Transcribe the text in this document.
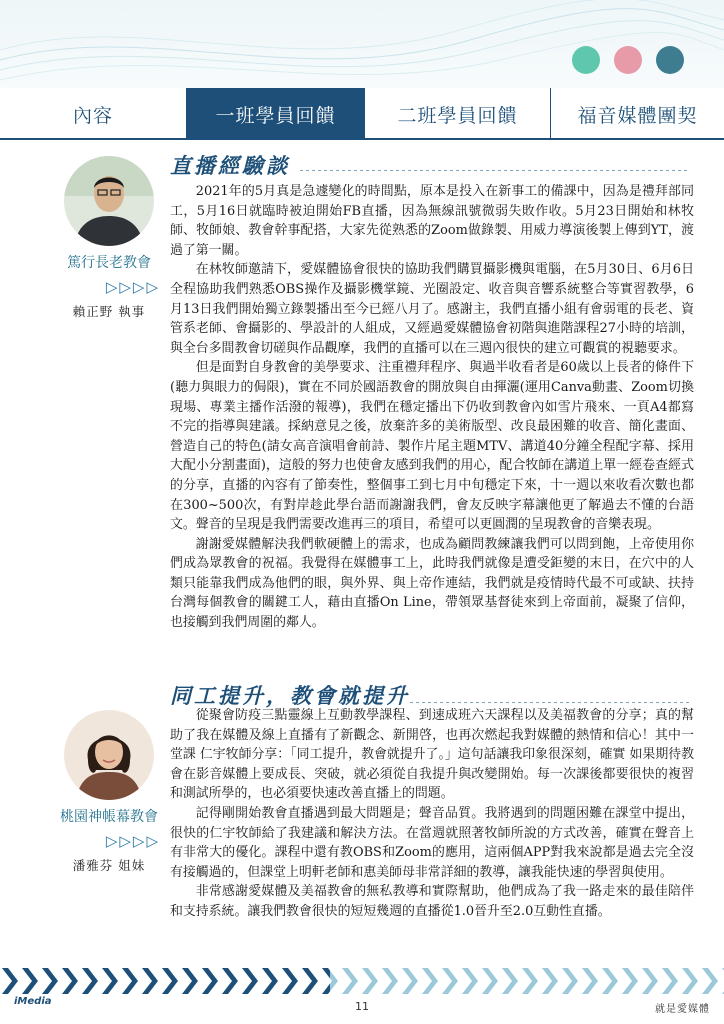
內容	一班學員回饋	二班學員回饋	福音媒體團契
篤行長老教會
▷▷▷▷
賴正野 執事
桃園神帳幕教會
▷▷▷▷
潘雅芬 姐妹
直播經驗談

2021年的5月真是急遽變化的時間點，原本是投入在新事工的備課中，因為是禮拜部同工，5月16日就臨時被迫開始FB直播，因為無線訊號微弱失敗作收。5月23日開始和林牧師、牧師娘、教會幹事配搭，大家先從熟悉的Zoom做錄製、用威力導演後製上傳到YT，渡過了第一關。

在林牧師邀請下，愛媒體協會很快的協助我們購買攝影機與電腦，在5月30日、6月6日全程協助我們熟悉OBS操作及攝影機掌鏡、光圈設定、收音與音響系統整合等實習教學，6月13日我們開始獨立錄製播出至今已經八月了。感謝主，我們直播小組有會弱電的長老、資管系老師、會攝影的、學設計的人組成，又經過愛媒體協會初階與進階課程27小時的培訓，與全台多間教會切磋與作品觀摩，我們的直播可以在三週內很快的建立可觀賞的視聽要求。

但是面對自身教會的美學要求、注重禮拜程序、與過半收看者是60歲以上長者的條件下(聽力與眼力的侷限)，實在不同於國語教會的開放與自由揮灑(運用Canva動畫、Zoom切換現場、專業主播作活潑的報導)，我們在穩定播出下仍收到教會內如雪片飛來、一頁A4都寫不完的指導與建議。採納意見之後，放棄許多的美術版型、改良最困難的收音、簡化畫面、營造自己的特色(請女高音演唱會前詩、製作片尾主題MTV、講道40分鐘全程配字幕、採用大配小分割畫面)，這般的努力也使會友感到我們的用心，配合牧師在講道上單一經卷查經式的分享，直播的內容有了節奏性，整個事工到七月中旬穩定下來，十一週以來收看次數也都在300~500次，有對岸趁此學台語而謝謝我們，會友反映字幕讓他更了解過去不懂的台語文。聲音的呈現是我們需要改進再三的項目，希望可以更圓潤的呈現教會的音樂表現。

謝謝愛媒體解決我們軟硬體上的需求，也成為顧問教練讓我們可以問到飽，上帝使用你們成為眾教會的祝福。我覺得在媒體事工上，此時我們就像是遭受鉅變的末日，在穴中的人類只能靠我們成為他們的眼，與外界、與上帝作連結，我們就是疫情時代最不可或缺、扶持台灣每個教會的關鍵工人，藉由直播On Line，帶領眾基督徒來到上帝面前，凝聚了信仰，也接觸到我們周圍的鄰人。

同工提升，教會就提升

從聚會防疫三點靈線上互動教學課程、到速成班六天課程以及美福教會的分享；真的幫助了我在媒體及線上直播有了新觀念、新開啓，也再次燃起我對媒體的熱情和信心！其中一堂課 仁宇牧師分享：「同工提升，教會就提升了。」這句話讓我印象很深刻，確實 如果期待教會在影音媒體上要成長、突破，就必須從自我提升與改變開始。每一次課後都要很快的複習和測試所學的，也必須要快速改善直播上的問題。

記得剛開始教會直播遇到最大問題是；聲音品質。我將遇到的問題困難在課堂中提出，很快的仁宇牧師給了我建議和解決方法。在當週就照著牧師所說的方式改善，確實在聲音上有非常大的優化。課程中還有教OBS和Zoom的應用，這兩個APP對我來說都是過去完全沒有接觸過的，但課堂上明軒老師和惠美師母非常詳細的教導，讓我能快速的學習與使用。

非常感謝愛媒體及美福教會的無私教導和實際幫助，他們成為了我一路走來的最佳陪伴和支持系統。讓我們教會很快的短短幾週的直播從1.0晉升至2.0互動性直播。

iMedia	11	就是愛媒體
